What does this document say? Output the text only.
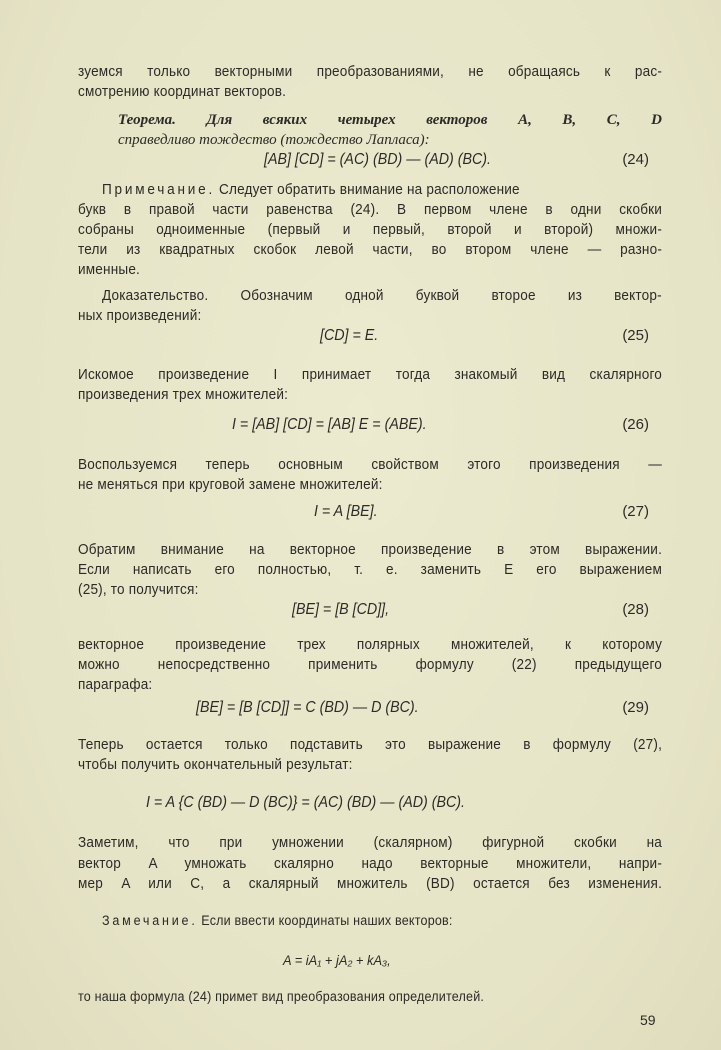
зуемся только векторными преобразованиями, не обращаясь к рас-
смотрению координат векторов.
Теорема. Для всяких четырех векторов A, B, C, D
справедливо тождество (тождество Лапласа):
[AB] [CD] = (AC) (BD) — (AD) (BC).	(24)
Примечание. Следует обратить внимание на расположение
букв в правой части равенства (24). В первом члене в одни скобки
собраны одноименные (первый и первый, второй и второй) множи-
тели из квадратных скобок левой части, во втором члене — разно-
именные.
Доказательство. Обозначим одной буквой второе из вектор-
ных произведений:
[CD] = E.	(25)
Искомое произведение I принимает тогда знакомый вид скалярного
произведения трех множителей:
I = [AB] [CD] = [AB] E = (ABE).	(26)
Воспользуемся теперь основным свойством этого произведения —
не меняться при круговой замене множителей:
I = A [BE].	(27)
Обратим внимание на векторное произведение в этом выражении.
Если написать его полностью, т. е. заменить E его выражением
(25), то получится:
[BE] = [B [CD]],	(28)
векторное произведение трех полярных множителей, к которому
можно непосредственно применить формулу (22) предыдущего
параграфа:
[BE] = [B [CD]] = C (BD) — D (BC).	(29)
Теперь остается только подставить это выражение в формулу (27),
чтобы получить окончательный результат:
I = A {C (BD) — D (BC)} = (AC) (BD) — (AD) (BC).
Заметим, что при умножении (скалярном) фигурной скобки на
вектор A умножать скалярно надо векторные множители, напри-
мер A или C, а скалярный множитель (BD) остается без изменения.
Замечание. Если ввести координаты наших векторов:
A = iA₁ + jA₂ + kA₃,
то наша формула (24) примет вид преобразования определителей.
59
